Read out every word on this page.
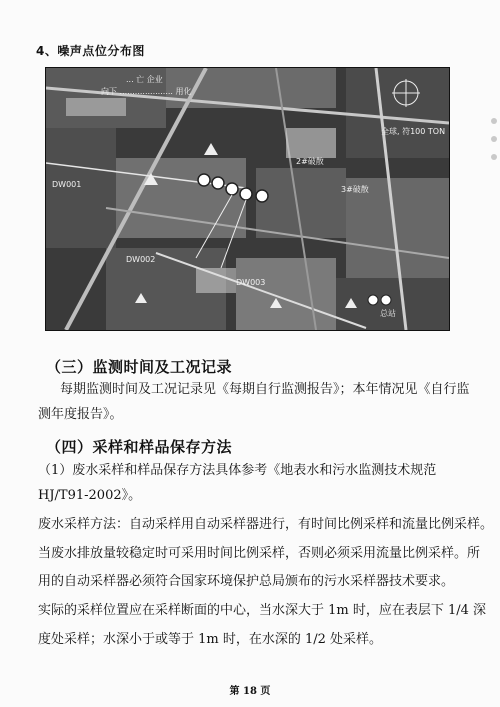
4、噪声点位分布图
... 亡 企业
向下 ..................... 用化
DW001
DW002
DW003
2#破散
3#破散
全球, 符100 TON
总站
（三）监测时间及工况记录
每期监测时间及工况记录见《每期自行监测报告》；本年情况见《自行监
测年度报告》。
（四）采样和样品保存方法
（1）废水采样和样品保存方法具体参考《地表水和污水监测技术规范
HJ/T91-2002》。
废水采样方法：自动采样用自动采样器进行，有时间比例采样和流量比例采样。
当废水排放量较稳定时可采用时间比例采样，否则必须采用流量比例采样。所
用的自动采样器必须符合国家环境保护总局颁布的污水采样器技术要求。
实际的采样位置应在采样断面的中心，当水深大于 1m 时，应在表层下 1/4 深
度处采样；水深小于或等于 1m 时，在水深的 1/2 处采样。
第 18 页
